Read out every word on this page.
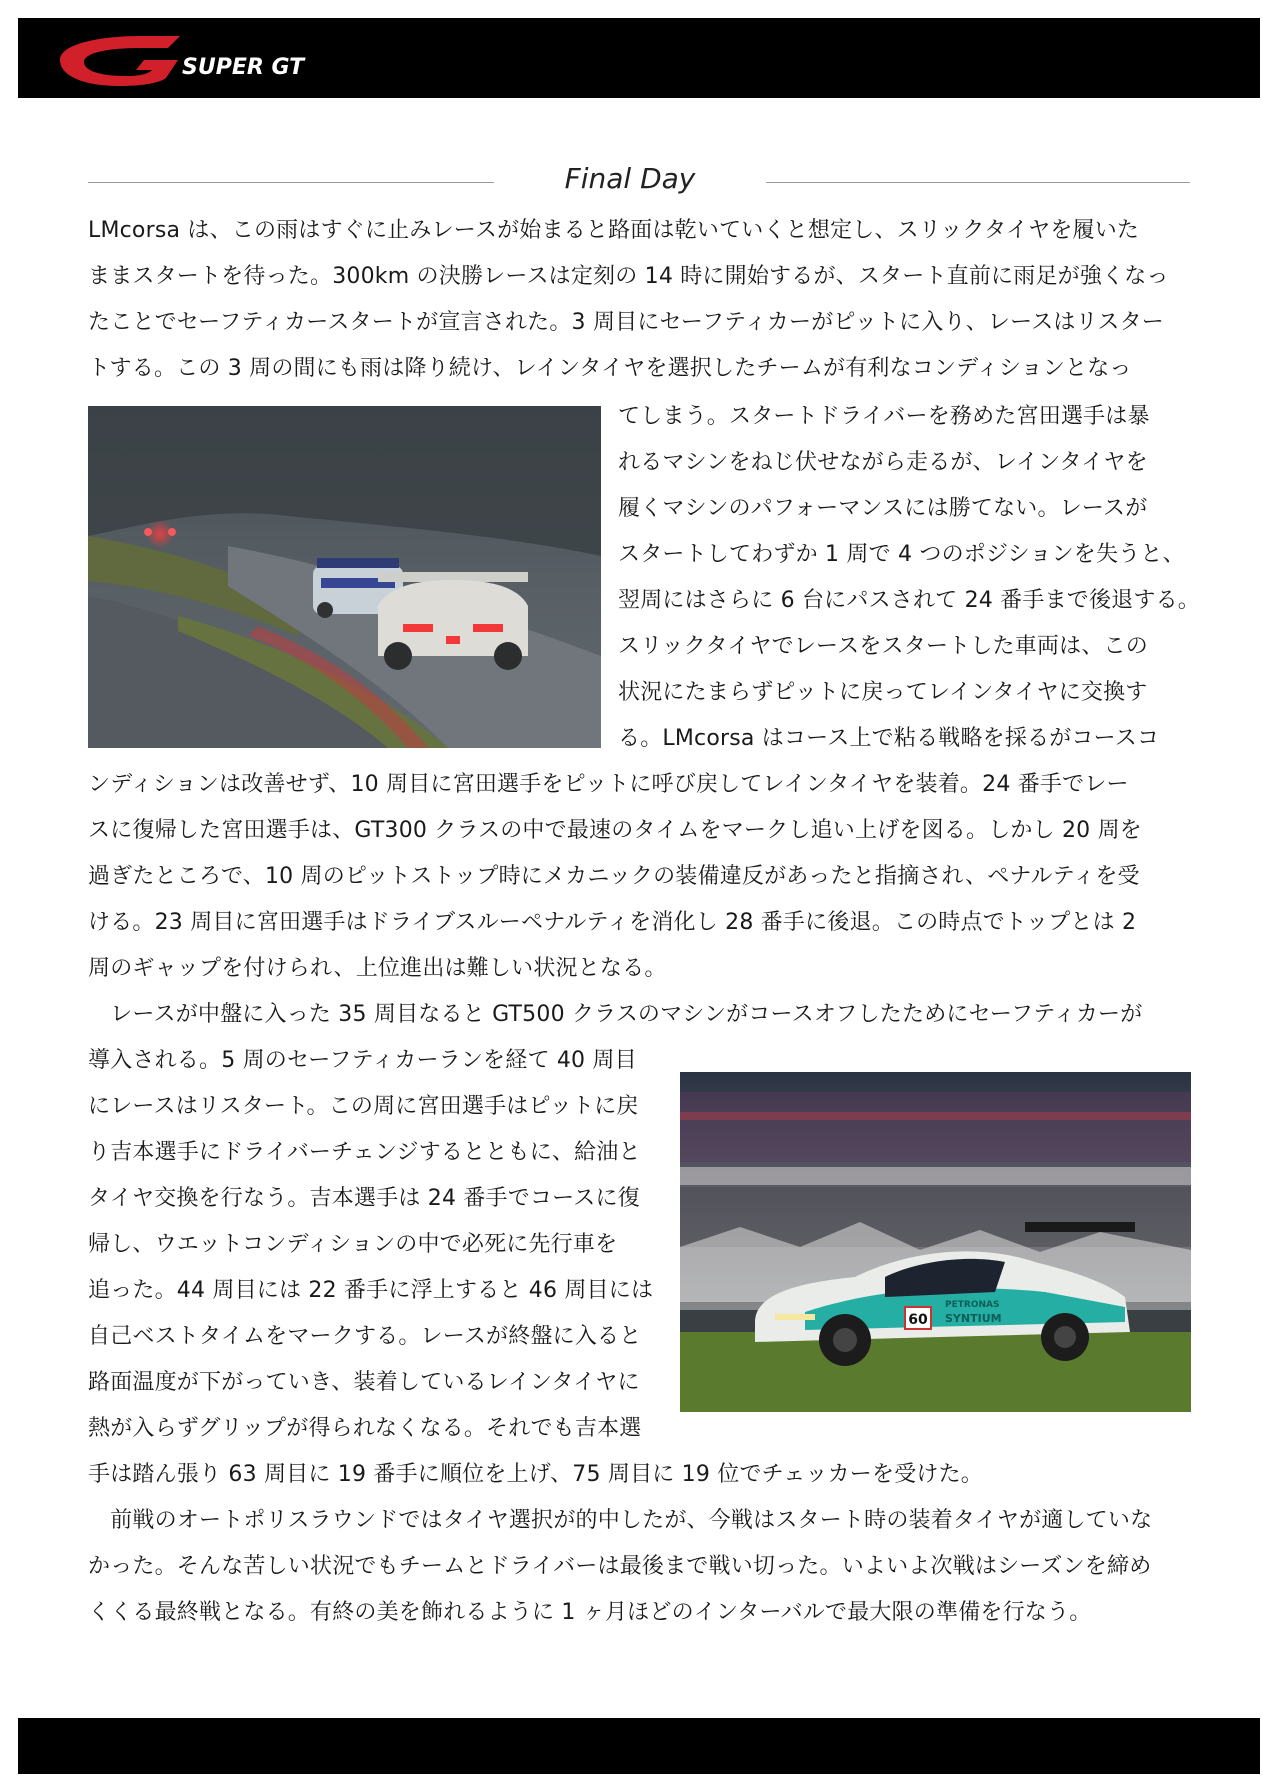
SUPER GT
Final Day
60
PETRONAS
SYNTIUM
LMcorsa は、この雨はすぐに止みレースが始まると路面は乾いていくと想定し、スリックタイヤを履いた
ままスタートを待った。300km の決勝レースは定刻の 14 時に開始するが、スタート直前に雨足が強くなっ
たことでセーフティカースタートが宣言された。3 周目にセーフティカーがピットに入り、レースはリスター
トする。この 3 周の間にも雨は降り続け、レインタイヤを選択したチームが有利なコンディションとなっ
てしまう。スタートドライバーを務めた宮田選手は暴
れるマシンをねじ伏せながら走るが、レインタイヤを
履くマシンのパフォーマンスには勝てない。レースが
スタートしてわずか 1 周で 4 つのポジションを失うと、
翌周にはさらに 6 台にパスされて 24 番手まで後退する。
スリックタイヤでレースをスタートした車両は、この
状況にたまらずピットに戻ってレインタイヤに交換す
る。LMcorsa はコース上で粘る戦略を採るがコースコ
ンディションは改善せず、10 周目に宮田選手をピットに呼び戻してレインタイヤを装着。24 番手でレー
スに復帰した宮田選手は、GT300 クラスの中で最速のタイムをマークし追い上げを図る。しかし 20 周を
過ぎたところで、10 周のピットストップ時にメカニックの装備違反があったと指摘され、ペナルティを受
ける。23 周目に宮田選手はドライブスルーペナルティを消化し 28 番手に後退。この時点でトップとは 2
周のギャップを付けられ、上位進出は難しい状況となる。
　レースが中盤に入った 35 周目なると GT500 クラスのマシンがコースオフしたためにセーフティカーが
導入される。5 周のセーフティカーランを経て 40 周目
にレースはリスタート。この周に宮田選手はピットに戻
り吉本選手にドライバーチェンジするとともに、給油と
タイヤ交換を行なう。吉本選手は 24 番手でコースに復
帰し、ウエットコンディションの中で必死に先行車を
追った。44 周目には 22 番手に浮上すると 46 周目には
自己ベストタイムをマークする。レースが終盤に入ると
路面温度が下がっていき、装着しているレインタイヤに
熱が入らずグリップが得られなくなる。それでも吉本選
手は踏ん張り 63 周目に 19 番手に順位を上げ、75 周目に 19 位でチェッカーを受けた。
　前戦のオートポリスラウンドではタイヤ選択が的中したが、今戦はスタート時の装着タイヤが適していな
かった。そんな苦しい状況でもチームとドライバーは最後まで戦い切った。いよいよ次戦はシーズンを締め
くくる最終戦となる。有終の美を飾れるように 1 ヶ月ほどのインターバルで最大限の準備を行なう。
